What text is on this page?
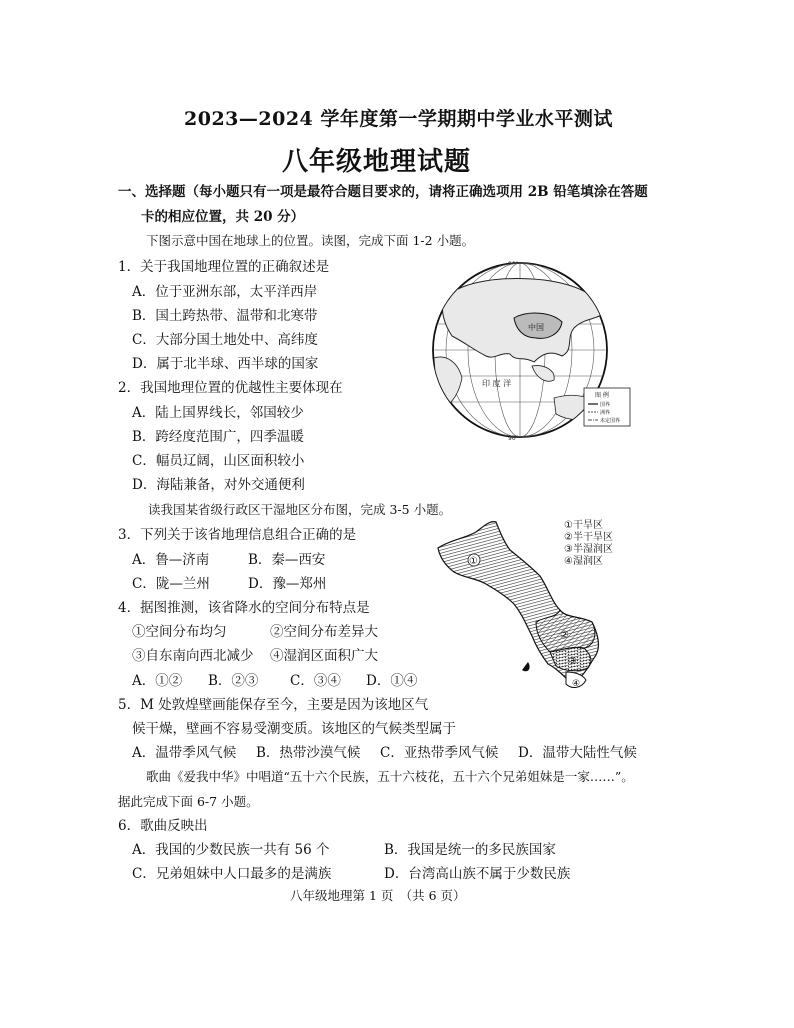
2023—2024 学年度第一学期期中学业水平测试
八年级地理试题
一、选择题（每小题只有一项是最符合题目要求的，请将正确选项用 2B 铅笔填涂在答题
卡的相应位置，共 20 分）
下图示意中国在地球上的位置。读图，完成下面 1-2 小题。
1．关于我国地理位置的正确叙述是
A．位于亚洲东部，太平洋西岸
B．国土跨热带、温带和北寒带
C．大部分国土地处中、高纬度
D．属于北半球、西半球的国家
2．我国地理位置的优越性主要体现在
A．陆上国界线长，邻国较少
B．跨经度范围广，四季温暖
C．幅员辽阔，山区面积较小
D．海陆兼备，对外交通便利
中国
印 度 洋
90°
图 例
国界
洲界
未定国界
读我国某省级行政区干湿地区分布图，完成 3-5 小题。
①
②
③
④
①干旱区
②半干旱区
③半湿润区
④湿润区
3．下列关于该省地理信息组合正确的是
A．鲁—济南	B．秦—西安
C．陇—兰州	D．豫—郑州
4．据图推测，该省降水的空间分布特点是
①空间分布均匀	②空间分布差异大
③自东南向西北减少 ④湿润区面积广大
A．①② B．②③ C．③④ D．①④
5．M 处敦煌壁画能保存至今，主要是因为该地区气
候干燥，壁画不容易受潮变质。该地区的气候类型属于
A．温带季风气候 B．热带沙漠气候 C．亚热带季风气候 D．温带大陆性气候
歌曲《爱我中华》中唱道“五十六个民族，五十六枝花，五十六个兄弟姐妹是一家……”。
据此完成下面 6-7 小题。
6．歌曲反映出
A．我国的少数民族一共有 56 个	B．我国是统一的多民族国家
C．兄弟姐妹中人口最多的是满族	D．台湾高山族不属于少数民族
八年级地理第 1 页　（共 6 页）
